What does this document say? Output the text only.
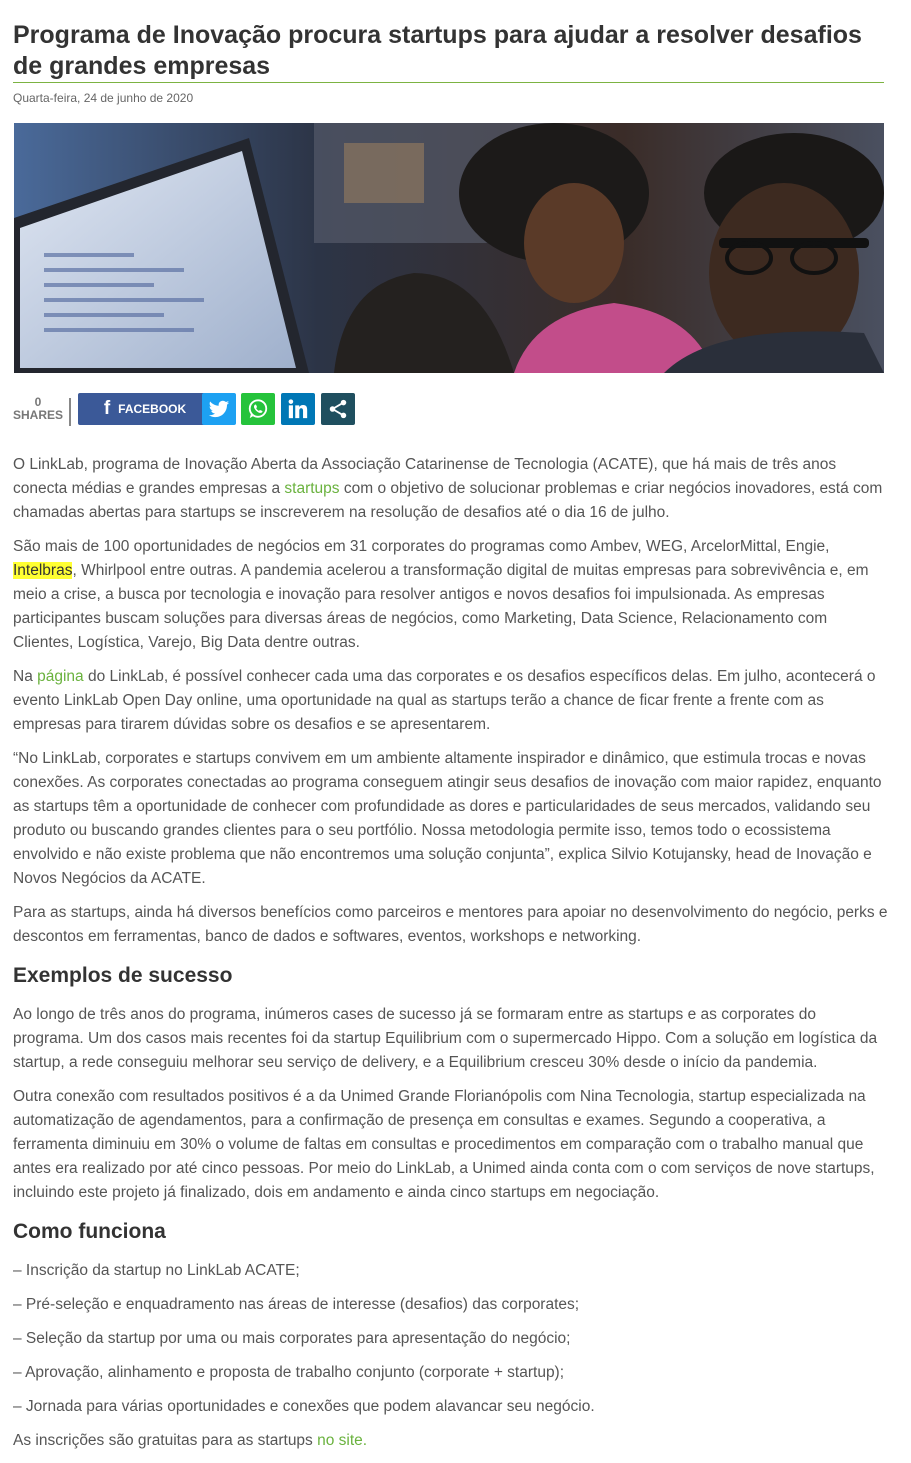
Programa de Inovação procura startups para ajudar a resolver desafios de grandes empresas
Quarta-feira, 24 de junho de 2020
0
SHARES f FACEBOOK

O LinkLab, programa de Inovação Aberta da Associação Catarinense de Tecnologia (ACATE), que há mais de três anos conecta médias e grandes empresas a startups com o objetivo de solucionar problemas e criar negócios inovadores, está com chamadas abertas para startups se inscreverem na resolução de desafios até o dia 16 de julho.

São mais de 100 oportunidades de negócios em 31 corporates do programas como Ambev, WEG, ArcelorMittal, Engie, Intelbras, Whirlpool entre outras. A pandemia acelerou a transformação digital de muitas empresas para sobrevivência e, em meio a crise, a busca por tecnologia e inovação para resolver antigos e novos desafios foi impulsionada. As empresas participantes buscam soluções para diversas áreas de negócios, como Marketing, Data Science, Relacionamento com Clientes, Logística, Varejo, Big Data dentre outras.

Na página do LinkLab, é possível conhecer cada uma das corporates e os desafios específicos delas. Em julho, acontecerá o evento LinkLab Open Day online, uma oportunidade na qual as startups terão a chance de ficar frente a frente com as empresas para tirarem dúvidas sobre os desafios e se apresentarem.

“No LinkLab, corporates e startups convivem em um ambiente altamente inspirador e dinâmico, que estimula trocas e novas conexões. As corporates conectadas ao programa conseguem atingir seus desafios de inovação com maior rapidez, enquanto as startups têm a oportunidade de conhecer com profundidade as dores e particularidades de seus mercados, validando seu produto ou buscando grandes clientes para o seu portfólio. Nossa metodologia permite isso, temos todo o ecossistema envolvido e não existe problema que não encontremos uma solução conjunta”, explica Silvio Kotujansky, head de Inovação e Novos Negócios da ACATE.

Para as startups, ainda há diversos benefícios como parceiros e mentores para apoiar no desenvolvimento do negócio, perks e descontos em ferramentas, banco de dados e softwares, eventos, workshops e networking.

Exemplos de sucesso

Ao longo de três anos do programa, inúmeros cases de sucesso já se formaram entre as startups e as corporates do programa. Um dos casos mais recentes foi da startup Equilibrium com o supermercado Hippo. Com a solução em logística da startup, a rede conseguiu melhorar seu serviço de delivery, e a Equilibrium cresceu 30% desde o início da pandemia.

Outra conexão com resultados positivos é a da Unimed Grande Florianópolis com Nina Tecnologia, startup especializada na automatização de agendamentos, para a confirmação de presença em consultas e exames. Segundo a cooperativa, a ferramenta diminuiu em 30% o volume de faltas em consultas e procedimentos em comparação com o trabalho manual que antes era realizado por até cinco pessoas. Por meio do LinkLab, a Unimed ainda conta com o com serviços de nove startups, incluindo este projeto já finalizado, dois em andamento e ainda cinco startups em negociação.

Como funciona
– Inscrição da startup no LinkLab ACATE;
– Pré-seleção e enquadramento nas áreas de interesse (desafios) das corporates;
– Seleção da startup por uma ou mais corporates para apresentação do negócio;
– Aprovação, alinhamento e proposta de trabalho conjunto (corporate + startup);
– Jornada para várias oportunidades e conexões que podem alavancar seu negócio.

As inscrições são gratuitas para as startups no site.
